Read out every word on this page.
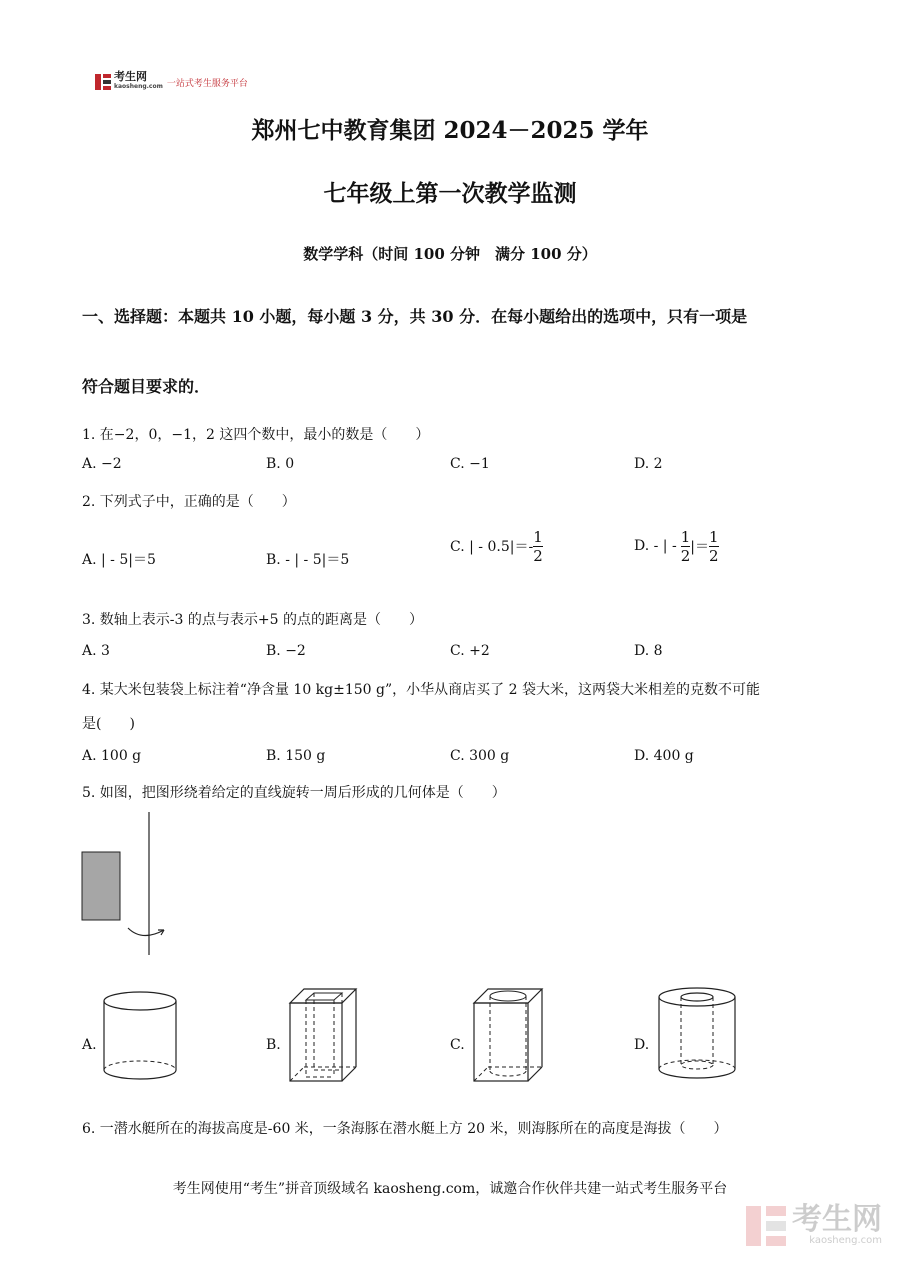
考生网
kaosheng.com 一站式考生服务平台
郑州七中教育集团 2024－2025 学年
七年级上第一次教学监测
数学学科（时间 100 分钟　满分 100 分）
一、选择题：本题共 10 小题，每小题 3 分，共 30 分．在每小题给出的选项中，只有一项是
符合题目要求的．
1. 在−2，0，−1，2 这四个数中，最小的数是（　　）
A. −2	B. 0	C. −1	D. 2
2. 下列式子中，正确的是（　　）
A. | - 5|＝5	B. - | - 5|＝5
C. | - $0.5|=- \frac{1}{2}$	D. - | - $\frac{1}{2}$ |＝ $\frac{1}{2}$
3. 数轴上表示-3 的点与表示+5 的点的距离是（　　）
A. 3	B. −2	C. +2	D. 8
4. 某大米包装袋上标注着“净含量 10 kg±150 g”，小华从商店买了 2 袋大米，这两袋大米相差的克数不可能
是(　　)
A. 100 g	B. 150 g	C. 300 g	D. 400 g
5. 如图，把图形绕着给定的直线旋转一周后形成的几何体是（　　）
A.	B.	C.	D.
6. 一潜水艇所在的海拔高度是-60 米，一条海豚在潜水艇上方 20 米，则海豚所在的高度是海拔（　　）
考生网使用“考生”拼音顶级域名 kaosheng.com，诚邀合作伙伴共建一站式考生服务平台
考生网
kaosheng.com
